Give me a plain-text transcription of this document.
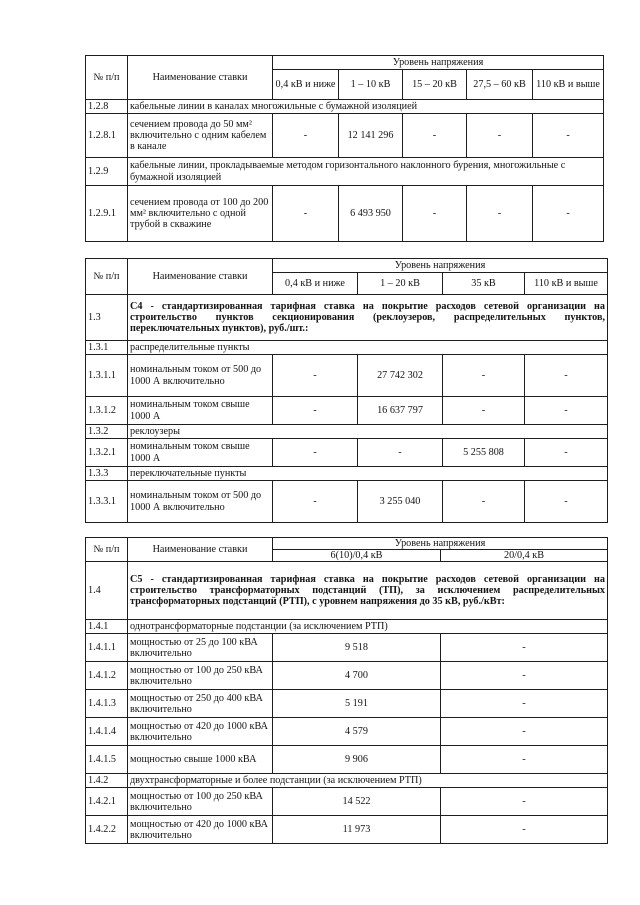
№ п/п	Наименование ставки	Уровень напряжения				
		0,4 кВ и ниже	1 – 10 кВ	15 – 20 кВ	27,5 – 60 кВ	110 кВ и выше
1.2.8	кабельные линии в каналах многожильные с бумажной изоляцией					
1.2.8.1	сечением провода до 50 мм² включительно с одним кабелем в канале	-	12 141 296	-	-	-
1.2.9	кабельные линии, прокладываемые методом горизонтального наклонного бурения, многожильные с бумажной изоляцией					
1.2.9.1	сечением провода от 100 до 200 мм² включительно с одной трубой в скважине	-	6 493 950	-	-	-
№ п/п	Наименование ставки	Уровень напряжения			
		0,4 кВ и ниже	1 – 20 кВ	35 кВ	110 кВ и выше
1.3	С4 - стандартизированная тарифная ставка на покрытие расходов сетевой организации на строительство пунктов секционирования (реклоузеров, распределительных пунктов, переключательных пунктов), руб./шт.:				
1.3.1	распределительные пункты				
1.3.1.1	номинальным током от 500 до 1000 А включительно	-	27 742 302	-	-
1.3.1.2	номинальным током свыше 1000 А	-	16 637 797	-	-
1.3.2	реклоузеры				
1.3.2.1	номинальным током свыше 1000 А	-	-	5 255 808	-
1.3.3	переключательные пункты				
1.3.3.1	номинальным током от 500 до 1000 А включительно	-	3 255 040	-	-
№ п/п	Наименование ставки	Уровень напряжения	
		6(10)/0,4 кВ	20/0,4 кВ
1.4	С5 - стандартизированная тарифная ставка на покрытие расходов сетевой организации на строительство трансформаторных подстанций (ТП), за исключением распределительных трансформаторных подстанций (РТП), с уровнем напряжения до 35 кВ, руб./кВт:		
1.4.1	однотрансформаторные подстанции (за исключением РТП)		
1.4.1.1	мощностью от 25 до 100 кВА включительно	9 518	-
1.4.1.2	мощностью от 100 до 250 кВА включительно	4 700	-
1.4.1.3	мощностью от 250 до 400 кВА включительно	5 191	-
1.4.1.4	мощностью от 420 до 1000 кВА включительно	4 579	-
1.4.1.5	мощностью свыше 1000 кВА	9 906	-
1.4.2	двухтрансформаторные и более подстанции (за исключением РТП)		
1.4.2.1	мощностью от 100 до 250 кВА включительно	14 522	-
1.4.2.2	мощностью от 420 до 1000 кВА включительно	11 973	-
